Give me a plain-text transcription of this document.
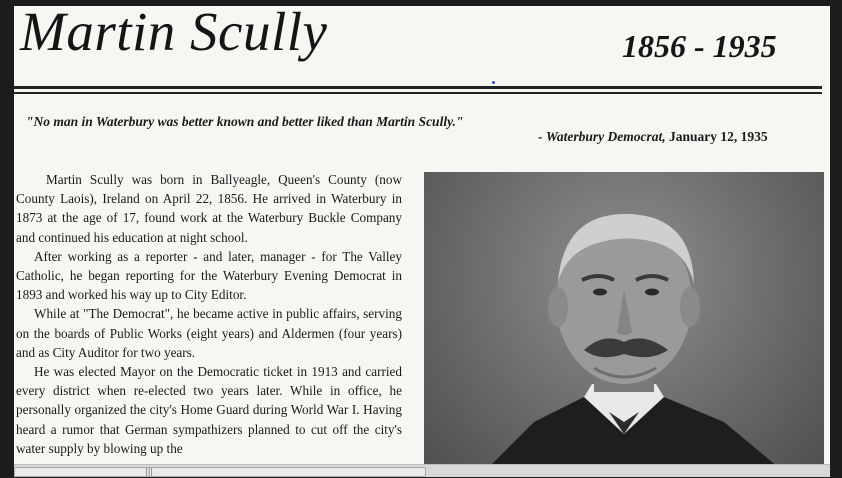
Martin Scully	1856 - 1935
"No man in Waterbury was better known and better liked than Martin Scully."
- Waterbury Democrat, January 12, 1935

Martin Scully was born in Ballyeagle, Queen's County (now County Laois), Ireland on April 22, 1856. He arrived in Waterbury in 1873 at the age of 17, found work at the Waterbury Buckle Company and continued his education at night school.

After working as a reporter - and later, manager - for The Valley Catholic, he began reporting for the Waterbury Evening Democrat in 1893 and worked his way up to City Editor.

While at "The Democrat", he became active in public affairs, serving on the boards of Public Works (eight years) and Aldermen (four years) and as City Auditor for two years.

He was elected Mayor on the Democratic ticket in 1913 and carried every district when re-elected two years later. While in office, he personally organized the city's Home Guard during World War I. Having heard a rumor that German sympathizers planned to cut off the city's water supply by blowing up the

|||
